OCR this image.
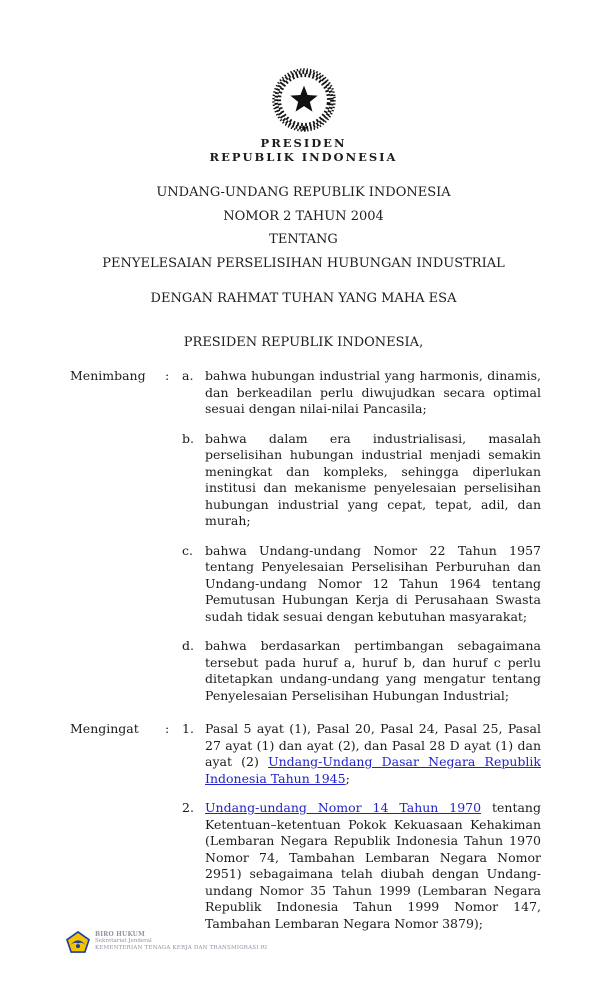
PRESIDEN
REPUBLIK INDONESIA
UNDANG-UNDANG REPUBLIK INDONESIA
NOMOR 2 TAHUN 2004
TENTANG
PENYELESAIAN PERSELISIHAN HUBUNGAN INDUSTRIAL
DENGAN RAHMAT TUHAN YANG MAHA ESA
PRESIDEN REPUBLIK INDONESIA,
Menimbang	:	a. bahwa hubungan industrial yang harmonis, dinamis, dan berkeadilan perlu diwujudkan secara optimal sesuai dengan nilai-nilai Pancasila;
b. bahwa dalam era industrialisasi, masalah perselisihan hubungan industrial menjadi semakin meningkat dan kompleks, sehingga diperlukan institusi dan mekanisme penyelesaian perselisihan hubungan industrial yang cepat, tepat, adil, dan murah;
c. bahwa Undang-undang Nomor 22 Tahun 1957 tentang Penyelesaian Perselisihan Perburuhan dan Undang-undang Nomor 12 Tahun 1964 tentang Pemutusan Hubungan Kerja di Perusahaan Swasta sudah tidak sesuai dengan kebutuhan masyarakat;
d. bahwa berdasarkan pertimbangan sebagaimana tersebut pada huruf a, huruf b, dan huruf c perlu ditetapkan undang-undang yang mengatur tentang Penyelesaian Perselisihan Hubungan Industrial;
Mengingat	:	1. Pasal 5 ayat (1), Pasal 20, Pasal 24, Pasal 25, Pasal 27 ayat (1) dan ayat (2), dan Pasal 28 D ayat (1) dan ayat (2) Undang-Undang Dasar Negara Republik Indonesia Tahun 1945;
2. Undang-undang Nomor 14 Tahun 1970 tentang Ketentuan–ketentuan Pokok Kekuasaan Kehakiman (Lembaran Negara Republik Indonesia Tahun 1970 Nomor 74, Tambahan Lembaran Negara Nomor 2951) sebagaimana telah diubah dengan Undang-undang Nomor 35 Tahun 1999 (Lembaran Negara Republik Indonesia Tahun 1999 Nomor 147, Tambahan Lembaran Negara Nomor 3879);
BIRO HUKUM
Sekretariat Jenderal
KEMENTERIAN TENAGA KERJA DAN TRANSMIGRASI RI
